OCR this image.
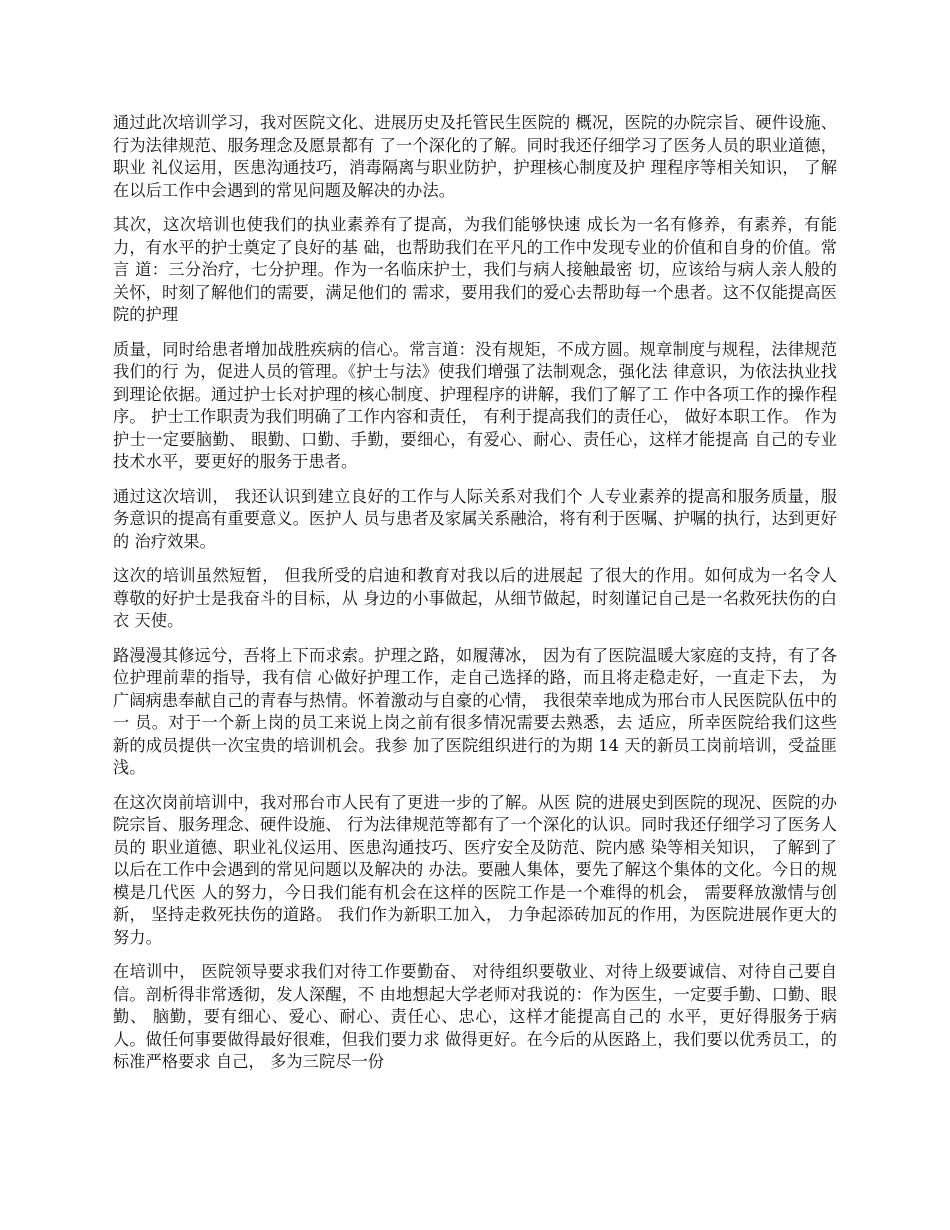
通过此次培训学习，我对医院文化、进展历史及托管民生医院的 概况，医院的办院宗旨、硬件设施、行为法律规范、服务理念及愿景都有 了一个深化的了解。同时我还仔细学习了医务人员的职业道德，职业 礼仪运用，医患沟通技巧，消毒隔离与职业防护，护理核心制度及护 理程序等相关知识， 了解在以后工作中会遇到的常见问题及解决的办法。

其次，这次培训也使我们的执业素养有了提高，为我们能够快速 成长为一名有修养，有素养，有能力，有水平的护士奠定了良好的基 础，也帮助我们在平凡的工作中发现专业的价值和自身的价值。常言 道：三分治疗，七分护理。作为一名临床护士，我们与病人接触最密 切，应该给与病人亲人般的关怀，时刻了解他们的需要，满足他们的 需求，要用我们的爱心去帮助每一个患者。这不仅能提高医院的护理

质量，同时给患者增加战胜疾病的信心。常言道：没有规矩，不成方圆。规章制度与规程，法律规范我们的行 为，促进人员的管理。《护士与法》使我们增强了法制观念，强化法 律意识，为依法执业找到理论依据。通过护士长对护理的核心制度、护理程序的讲解，我们了解了工 作中各项工作的操作程序。 护士工作职责为我们明确了工作内容和责任， 有利于提高我们的责任心， 做好本职工作。 作为护士一定要脑勤、 眼勤、口勤、手勤，要细心，有爱心、耐心、责任心，这样才能提高 自己的专业技术水平，要更好的服务于患者。

通过这次培训， 我还认识到建立良好的工作与人际关系对我们个 人专业素养的提高和服务质量，服务意识的提高有重要意义。医护人 员与患者及家属关系融洽，将有利于医嘱、护嘱的执行，达到更好的 治疗效果。

这次的培训虽然短暂， 但我所受的启迪和教育对我以后的进展起 了很大的作用。如何成为一名令人尊敬的好护士是我奋斗的目标，从 身边的小事做起，从细节做起，时刻谨记自己是一名救死扶伤的白衣 天使。

路漫漫其修远兮，吾将上下而求索。护理之路，如履薄冰， 因为有了医院温暖大家庭的支持，有了各位护理前辈的指导，我有信 心做好护理工作，走自己选择的路，而且将走稳走好，一直走下去， 为广阔病患奉献自己的青春与热情。怀着激动与自豪的心情， 我很荣幸地成为邢台市人民医院队伍中的一 员。对于一个新上岗的员工来说上岗之前有很多情况需要去熟悉，去 适应，所幸医院给我们这些新的成员提供一次宝贵的培训机会。我参 加了医院组织进行的为期 14 天的新员工岗前培训，受益匪浅。

在这次岗前培训中，我对邢台市人民有了更进一步的了解。从医 院的进展史到医院的现况、医院的办院宗旨、服务理念、硬件设施、 行为法律规范等都有了一个深化的认识。同时我还仔细学习了医务人员的 职业道德、职业礼仪运用、医患沟通技巧、医疗安全及防范、院内感 染等相关知识， 了解到了以后在工作中会遇到的常见问题以及解决的 办法。要融人集体，要先了解这个集体的文化。今日的规模是几代医 人的努力，今日我们能有机会在这样的医院工作是一个难得的机会， 需要释放激情与创新， 坚持走救死扶伤的道路。 我们作为新职工加入， 力争起添砖加瓦的作用，为医院进展作更大的努力。

在培训中， 医院领导要求我们对待工作要勤奋、 对待组织要敬业、对待上级要诚信、对待自己要自信。剖析得非常透彻，发人深醒，不 由地想起大学老师对我说的：作为医生，一定要手勤、口勤、眼勤、 脑勤，要有细心、爱心、耐心、责任心、忠心，这样才能提高自己的 水平，更好得服务于病人。做任何事要做得最好很难，但我们要力求 做得更好。在今后的从医路上，我们要以优秀员工，的标准严格要求 自己， 多为三院尽一份
